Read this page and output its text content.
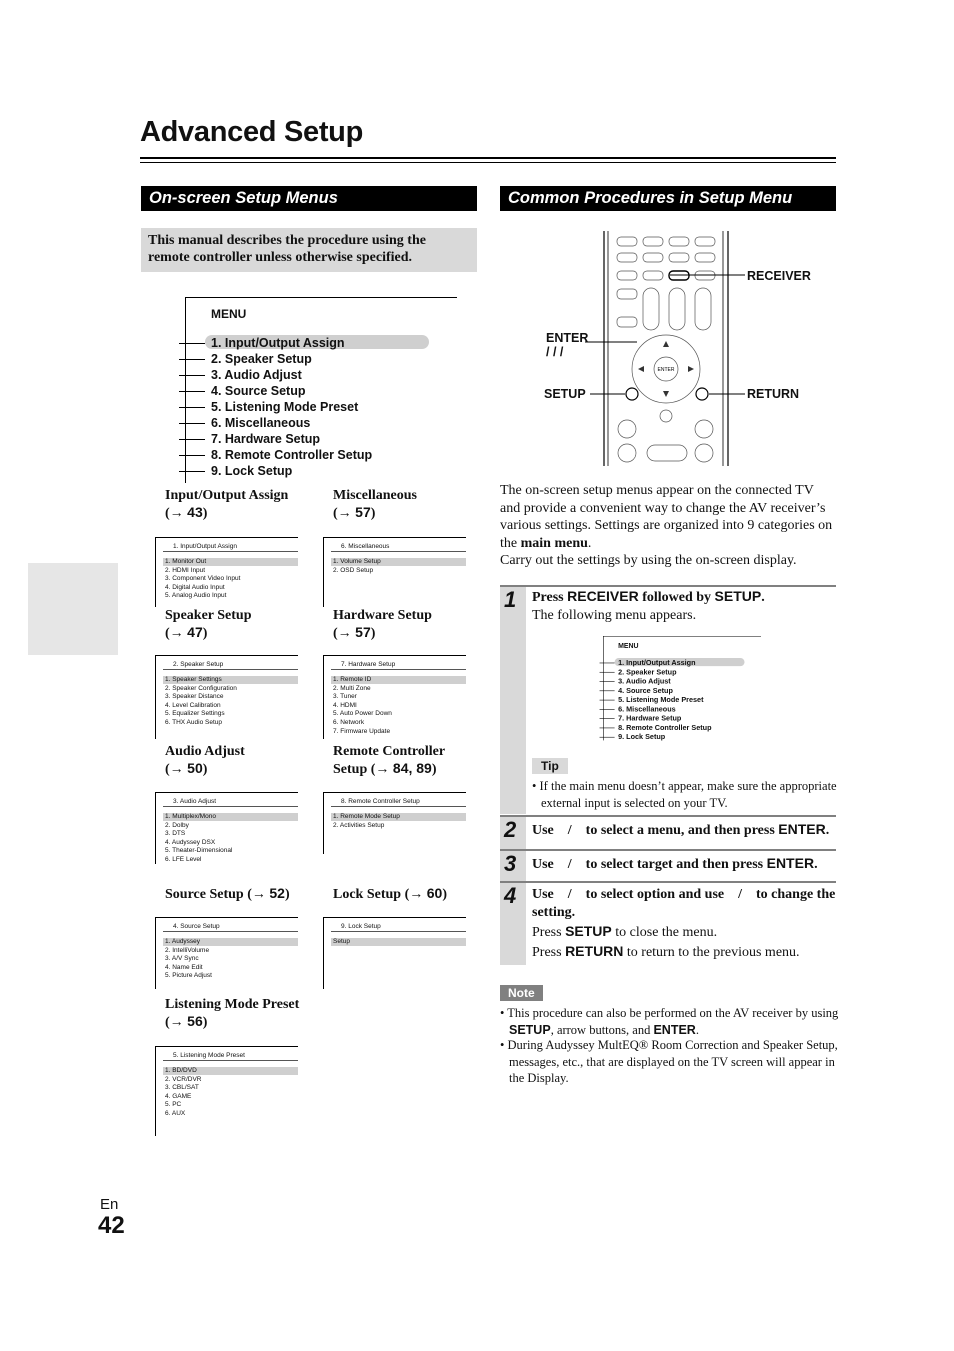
Advanced Setup
On-screen Setup Menus
This manual describes the procedure using the remote controller unless otherwise specified.
MENU
1. Input/Output Assign
2. Speaker Setup
3. Audio Adjust
4. Source Setup
5. Listening Mode Preset
6. Miscellaneous
7. Hardware Setup
8. Remote Controller Setup
9. Lock Setup
Input/Output Assign
(→ 43)
1. Input/Output Assign
1. Monitor Out
2. HDMI Input
3. Component Video Input
4. Digital Audio Input
5. Analog Audio Input
Miscellaneous
(→ 57)
6. Miscellaneous
1. Volume Setup
2. OSD Setup
Speaker Setup
(→ 47)
2. Speaker Setup
1. Speaker Settings
2. Speaker Configuration
3. Speaker Distance
4. Level Calibration
5. Equalizer Settings
6. THX Audio Setup
Hardware Setup
(→ 57)
7. Hardware Setup
1. Remote ID
2. Multi Zone
3. Tuner
4. HDMI
5. Auto Power Down
6. Network
7. Firmware Update
Audio Adjust
(→ 50)
3. Audio Adjust
1. Multiplex/Mono
2. Dolby
3. DTS
4. Audyssey DSX
5. Theater-Dimensional
6. LFE Level
Remote Controller
Setup (→ 84, 89)
8. Remote Controller Setup
1. Remote Mode Setup
2. Activities Setup
Source Setup (→ 52)
4. Source Setup
1. Audyssey
2. IntelliVolume
3. A/V Sync
4. Name Edit
5. Picture Adjust
Lock Setup (→ 60)
9. Lock Setup
Setup
Listening Mode Preset
(→ 56)
5. Listening Mode Preset
1. BD/DVD
2. VCR/DVR
3. CBL/SAT
4. GAME
5. PC
6. AUX
Common Procedures in Setup Menu
ENTER
RECEIVER
ENTER
/ / /
SETUP	RETURN
The on-screen setup menus appear on the connected TV and provide a convenient way to change the AV receiver’s various settings. Settings are organized into 9 categories on the main menu.
Carry out the settings by using the on-screen display.
1 Press RECEIVER followed by SETUP.
The following menu appears.
MENU
1. Input/Output Assign
2. Speaker Setup
3. Audio Adjust
4. Source Setup
5. Listening Mode Preset
6. Miscellaneous
7. Hardware Setup
8. Remote Controller Setup
9. Lock Setup
Tip
• If the main menu doesn’t appear, make sure the appropriate external input is selected on your TV.
2 Use    /    to select a menu, and then press ENTER.
3 Use    /    to select target and then press ENTER.
4 Use    /    to select option and use    /    to change the setting.
Press SETUP to close the menu.
Press RETURN to return to the previous menu.
Note
• This procedure can also be performed on the AV receiver by using SETUP, arrow buttons, and ENTER.
• During Audyssey MultEQ® Room Correction and Speaker Setup, messages, etc., that are displayed on the TV screen will appear in the Display.
En
42
